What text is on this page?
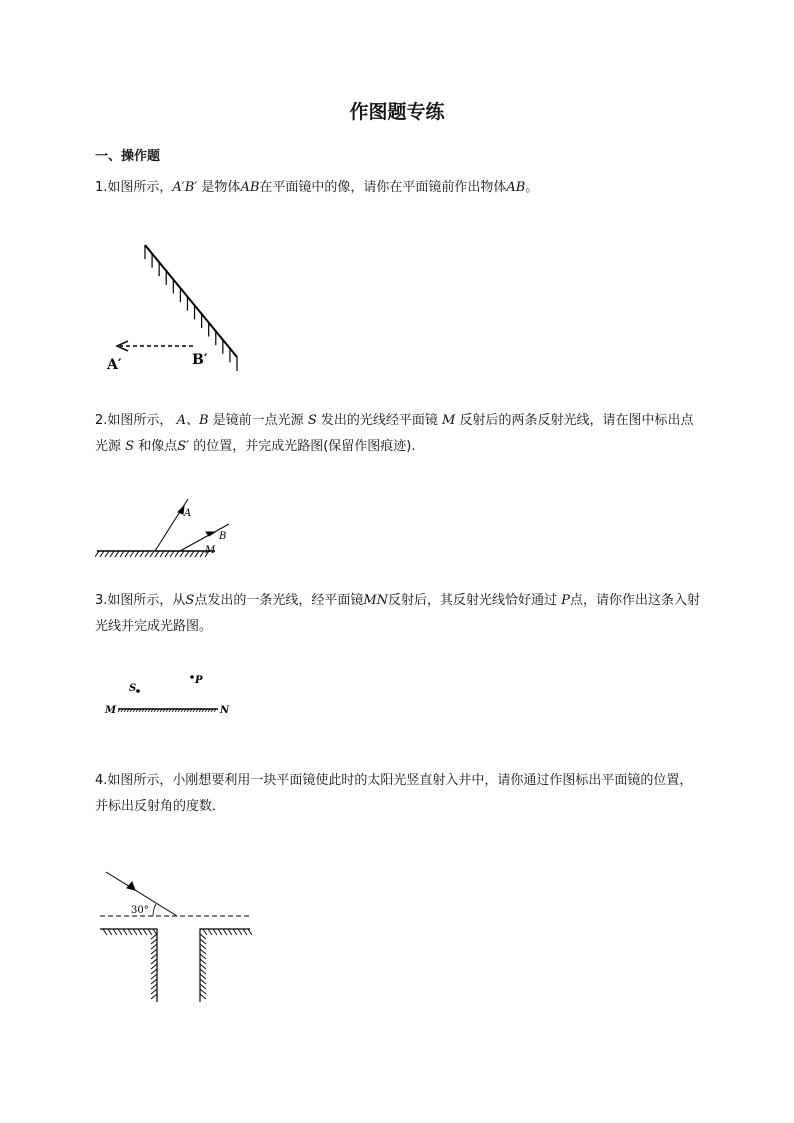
作图题专练
一、操作题
1.如图所示，A′B′ 是物体AB在平面镜中的像，请你在平面镜前作出物体AB。
A′	B′
2.如图所示， A、B 是镜前一点光源 S 发出的光线经平面镜 M 反射后的两条反射光线，请在图中标出点光源 S 和像点S′ 的位置，并完成光路图(保留作图痕迹).
A
B
M
3.如图所示，从S点发出的一条光线，经平面镜MN反射后，其反射光线恰好通过 P点，请你作出这条入射光线并完成光路图。
S
P
M	N
4.如图所示，小刚想要利用一块平面镜使此时的太阳光竖直射入井中，请你通过作图标出平面镜的位置，并标出反射角的度数．
30°
